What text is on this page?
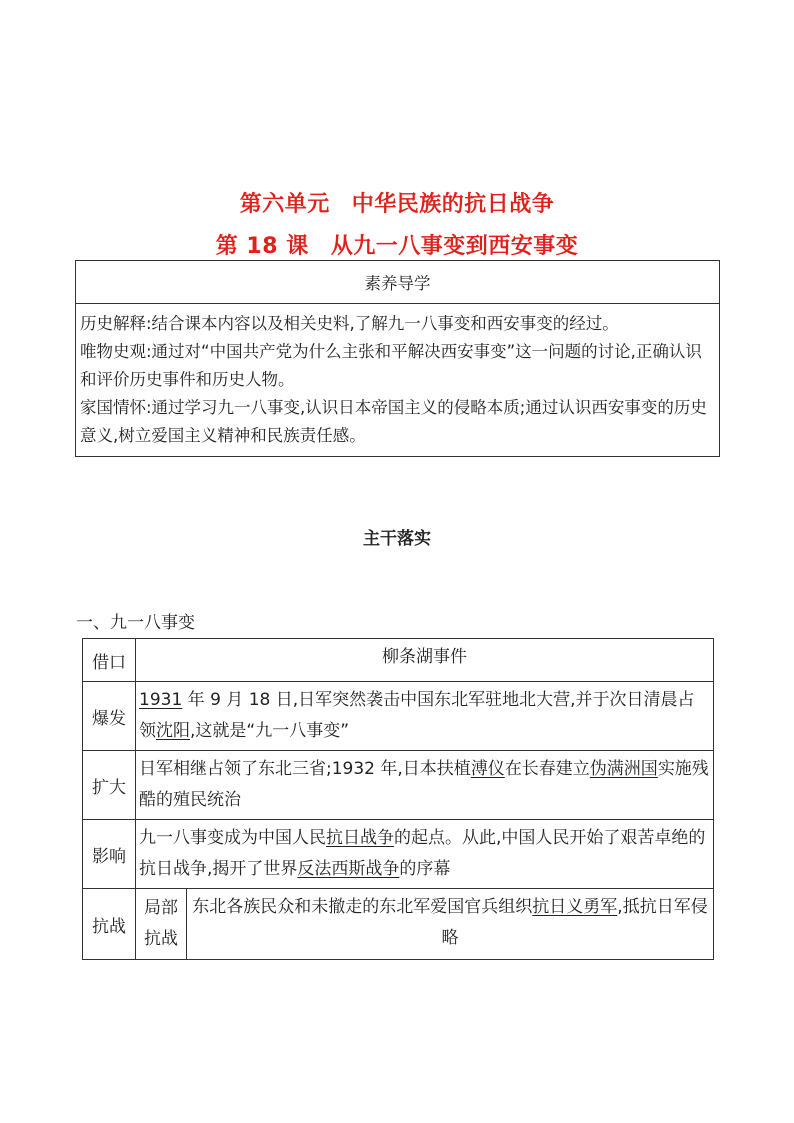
第六单元 中华民族的抗日战争
第 18 课 从九一八事变到西安事变
素养导学

历史解释:结合课本内容以及相关史料,了解九一八事变和西安事变的经过。

唯物史观:通过对“中国共产党为什么主张和平解决西安事变”这一问题的讨论,正确认识和评价历史事件和历史人物。

家国情怀:通过学习九一八事变,认识日本帝国主义的侵略本质;通过认识西安事变的历史意义,树立爱国主义精神和民族责任感。

主干落实
一、九一八事变
借口	柳条湖事件	
爆发	1931 年 9 月 18 日,日军突然袭击中国东北军驻地北大营,并于次日清晨占领沈阳,这就是“九一八事变”	
扩大	日军相继占领了东北三省;1932 年,日本扶植溥仪在长春建立伪满洲国实施残酷的殖民统治	
影响	九一八事变成为中国人民抗日战争的起点。从此,中国人民开始了艰苦卓绝的抗日战争,揭开了世界反法西斯战争的序幕	
抗战	局部抗战	东北各族民众和未撤走的东北军爱国官兵组织抗日义勇军,抵抗日军侵略
